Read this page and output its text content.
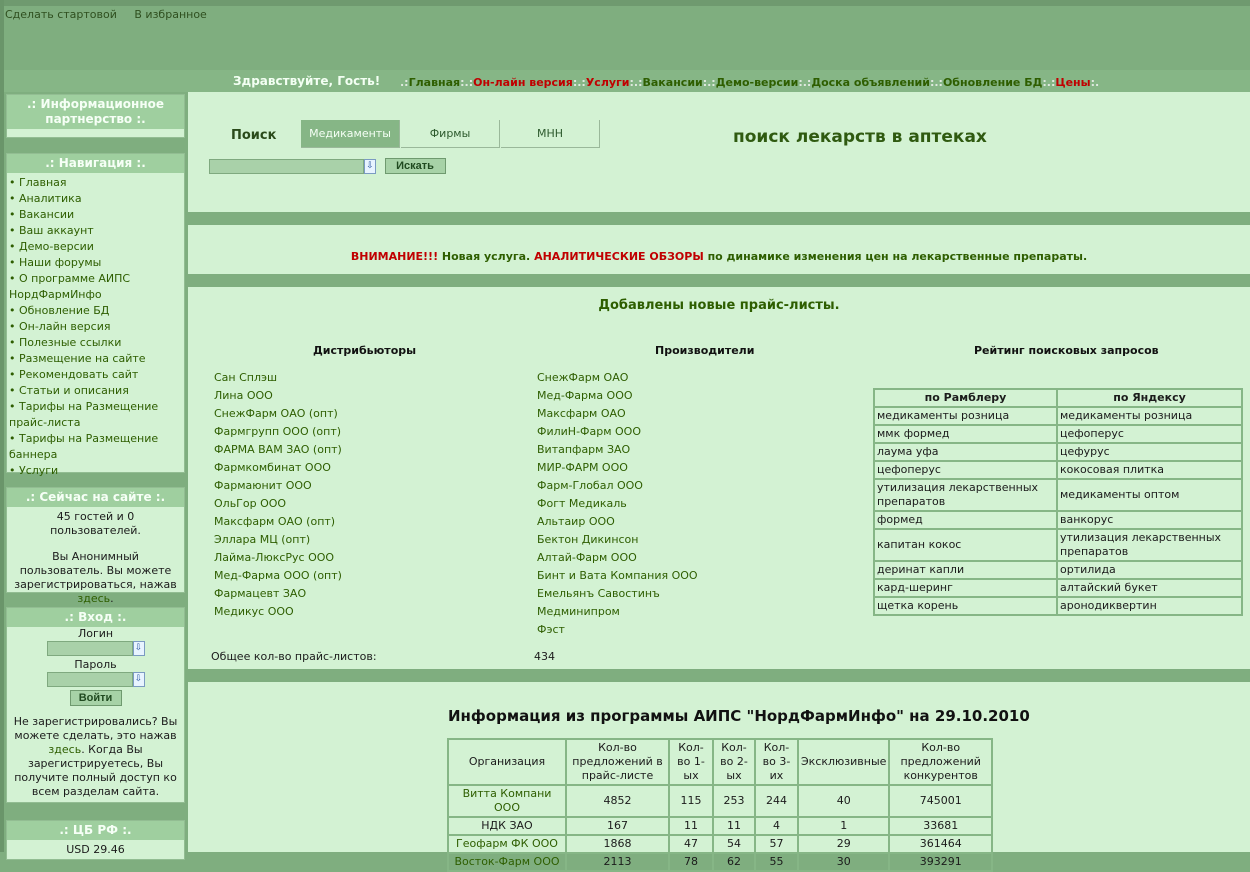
Сделать стартовой В избранное
Здравствуйте, Гость! .:Главная:.:Он-лайн версия:.:Услуги:.:Вакансии:.:Демо-версии:.:Доска объявлений:.:Обновление БД:.:Цены:.
.: Информационное партнерство :.
.: Навигация :.
• Главная
• Аналитика
• Вакансии
• Ваш аккаунт
• Демо-версии
• Наши форумы
• О программе АИПС НордФармИнфо
• Обновление БД
• Он-лайн версия
• Полезные ссылки
• Размещение на сайте
• Рекомендовать сайт
• Статьи и описания
• Тарифы на Размещение прайс-листа
• Тарифы на Размещение баннера
• Услуги
.: Сейчас на сайте :.
45 гостей и 0 пользователей.
Вы Анонимный пользователь. Вы можете зарегистрироваться, нажав здесь.
.: Вход :.
Логин
⇩
Пароль
⇩
Войти
Не зарегистрировались? Вы можете сделать, это нажав здесь. Когда Вы зарегистрируетесь, Вы получите полный доступ ко всем разделам сайта.
.: ЦБ РФ :.
USD 29.46
Поиск	Медикаменты	Фирмы	МНН
⇩ Искать
поиск лекарств в аптеках
ВНИМАНИЕ!!! Новая услуга. АНАЛИТИЧЕСКИЕ ОБЗОРЫ по динамике изменения цен на лекарственные препараты.
Добавлены новые прайс-листы.
Дистрибьюторы	Производители	Рейтинг поисковых запросов
Сан Сплэш
Лина ООО
СнежФарм ОАО (опт)
Фармгрупп ООО (опт)
ФАРМА ВАМ ЗАО (опт)
Фармкомбинат ООО
Фармаюнит ООО
ОльГор ООО
Максфарм ОАО (опт)
Эллара МЦ (опт)
Лайма-ЛюксРус ООО
Мед-Фарма ООО (опт)
Фармацевт ЗАО
Медикус ООО
СнежФарм ОАО
Мед-Фарма ООО
Максфарм ОАО
ФилиН-Фарм ООО
Витапфарм ЗАО
МИР-ФАРМ ООО
Фарм-Глобал ООО
Фогт Медикаль
Альтаир ООО
Бектон Дикинсон
Алтай-Фарм ООО
Бинт и Вата Компания ООО
Емельянъ Савостинъ
Медминипром
Фэст
по Рамблеру	по Яндексу
медикаменты розница	медикаменты розница
ммк формед	цефоперус
лаума уфа	цефурус
цефоперус	кокосовая плитка
утилизация лекарственных препаратов	медикаменты оптом
формед	ванкорус
капитан кокос	утилизация лекарственных препаратов
деринат капли	ортилида
кард-шеринг	алтайский букет
щетка корень	аронодиквертин
Общее кол-во прайс-листов:	434
Информация из программы АИПС "НордФармИнфо" на 29.10.2010
Организация	Кол-во предложений в прайс-листе	Кол-во 1-ых	Кол-во 2-ых	Кол-во 3-их	Эксклюзивные	Кол-во предложений конкурентов
Витта Компани ООО	4852	115	253	244	40	745001
НДК ЗАО	167	11	11	4	1	33681
Геофарм ФК ООО	1868	47	54	57	29	361464
Восток-Фарм ООО	2113	78	62	55	30	393291
